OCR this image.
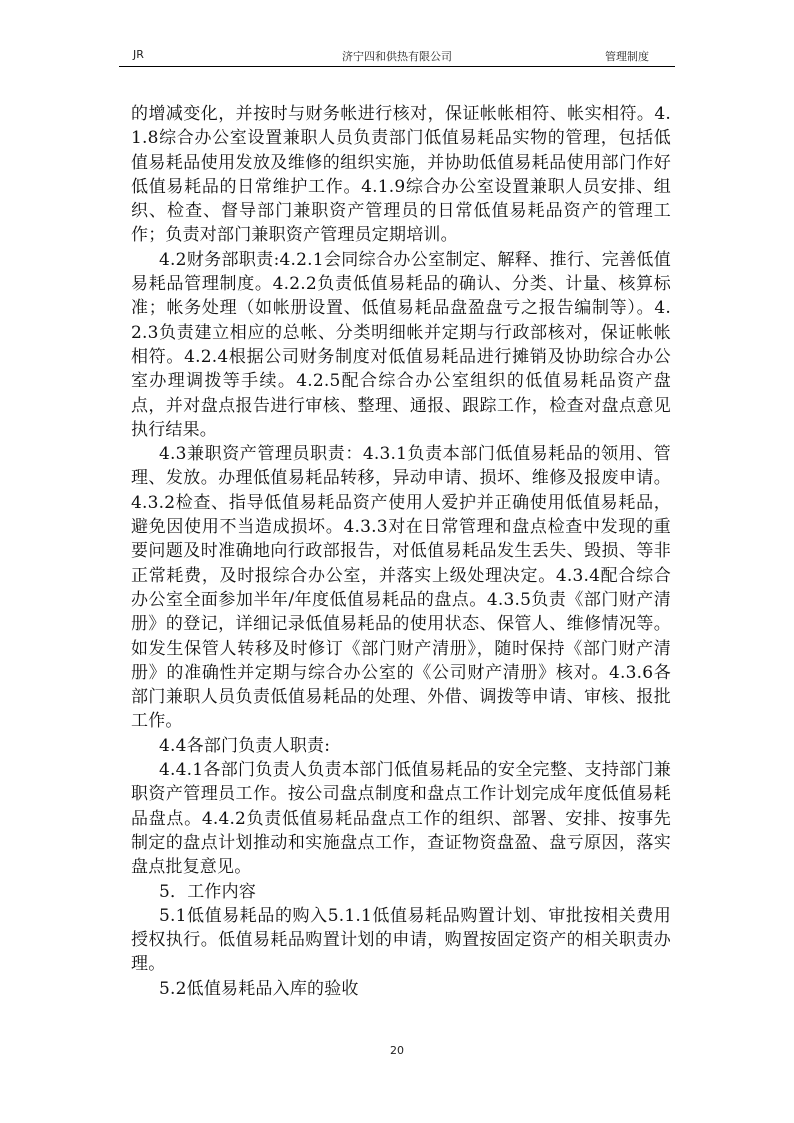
JR	济宁四和供热有限公司	管理制度

的增减变化，并按时与财务帐进行核对，保证帐帐相符、帐实相符。4.1.8综合办公室设置兼职人员负责部门低值易耗品实物的管理，包括低值易耗品使用发放及维修的组织实施，并协助低值易耗品使用部门作好低值易耗品的日常维护工作。4.1.9综合办公室设置兼职人员安排、组织、检查、督导部门兼职资产管理员的日常低值易耗品资产的管理工作；负责对部门兼职资产管理员定期培训。

4.2财务部职责:4.2.1会同综合办公室制定、解释、推行、完善低值易耗品管理制度。4.2.2负责低值易耗品的确认、分类、计量、核算标准；帐务处理（如帐册设置、低值易耗品盘盈盘亏之报告编制等）。4.2.3负责建立相应的总帐、分类明细帐并定期与行政部核对，保证帐帐相符。4.2.4根据公司财务制度对低值易耗品进行摊销及协助综合办公室办理调拨等手续。4.2.5配合综合办公室组织的低值易耗品资产盘点，并对盘点报告进行审核、整理、通报、跟踪工作，检查对盘点意见执行结果。

4.3兼职资产管理员职责：4.3.1负责本部门低值易耗品的领用、管理、发放。办理低值易耗品转移，异动申请、损坏、维修及报废申请。4.3.2检查、指导低值易耗品资产使用人爱护并正确使用低值易耗品，避免因使用不当造成损坏。4.3.3对在日常管理和盘点检查中发现的重要问题及时准确地向行政部报告，对低值易耗品发生丢失、毁损、等非正常耗费，及时报综合办公室，并落实上级处理决定。4.3.4配合综合办公室全面参加半年/年度低值易耗品的盘点。4.3.5负责《部门财产清册》的登记，详细记录低值易耗品的使用状态、保管人、维修情况等。如发生保管人转移及时修订《部门财产清册》，随时保持《部门财产清册》的准确性并定期与综合办公室的《公司财产清册》核对。4.3.6各部门兼职人员负责低值易耗品的处理、外借、调拨等申请、审核、报批工作。

4.4各部门负责人职责:

4.4.1各部门负责人负责本部门低值易耗品的安全完整、支持部门兼职资产管理员工作。按公司盘点制度和盘点工作计划完成年度低值易耗品盘点。4.4.2负责低值易耗品盘点工作的组织、部署、安排、按事先制定的盘点计划推动和实施盘点工作，查证物资盘盈、盘亏原因，落实盘点批复意见。

5．工作内容

5.1低值易耗品的购入5.1.1低值易耗品购置计划、审批按相关费用授权执行。低值易耗品购置计划的申请，购置按固定资产的相关职责办理。

5.2低值易耗品入库的验收

20
